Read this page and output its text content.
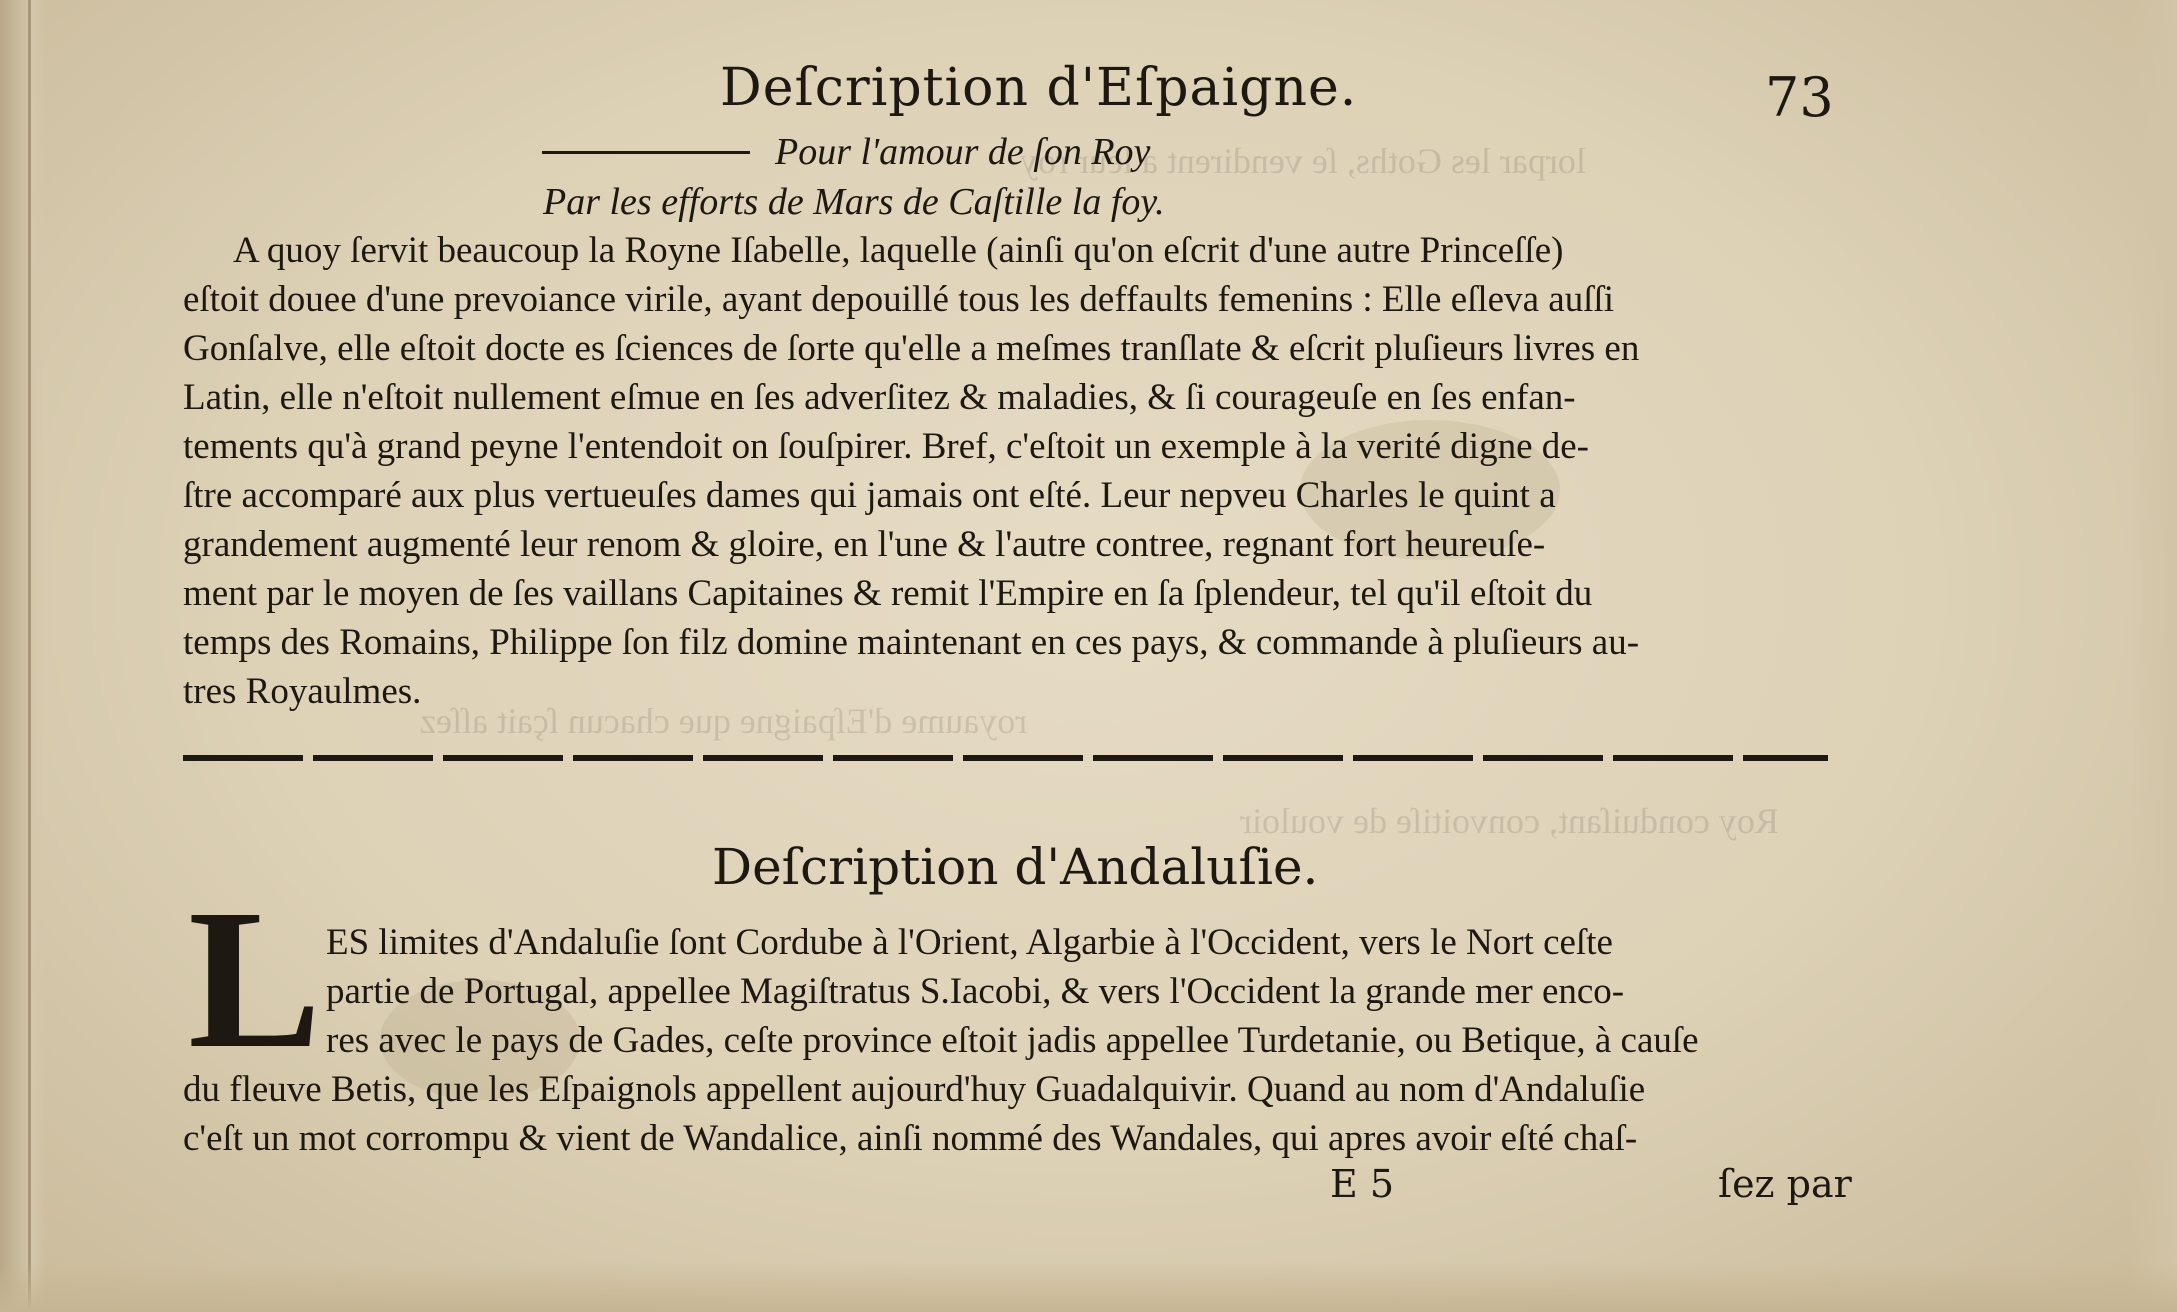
lorpar les Goths, ſe vendirent a leur roy
Roy conduiſant, convoitiſe de vouloir
royaume d'Eſpaigne que chacun ſçait aſſez
Deſcription d'Eſpaigne.	73
Pour l'amour de ſon Roy
Par les efforts de Mars de Caſtille la foy.
A quoy ſervit beaucoup la Royne Iſabelle, laquelle (ainſi qu'on eſcrit d'une autre Princeſſe)
eſtoit douee d'une prevoiance virile, ayant depouillé tous les deffaults femenins : Elle eſleva auſſi
Gonſalve, elle eſtoit docte es ſciences de ſorte qu'elle a meſmes tranſlate & eſcrit pluſieurs livres en
Latin, elle n'eſtoit nullement eſmue en ſes adverſitez & maladies, & ſi courageuſe en ſes enfan-
tements qu'à grand peyne l'entendoit on ſouſpirer. Bref, c'eſtoit un exemple à la verité digne de-
ſtre accomparé aux plus vertueuſes dames qui jamais ont eſté. Leur nepveu Charles le quint a
grandement augmenté leur renom & gloire, en l'une & l'autre contree, regnant fort heureuſe-
ment par le moyen de ſes vaillans Capitaines & remit l'Empire en ſa ſplendeur, tel qu'il eſtoit du
temps des Romains, Philippe ſon filz domine maintenant en ces pays, & commande à pluſieurs au-
tres Royaulmes.
Deſcription d'Andaluſie.
L ES limites d'Andaluſie ſont Cordube à l'Orient, Algarbie à l'Occident, vers le Nort ceſte
partie de Portugal, appellee Magiſtratus S.Iacobi, & vers l'Occident la grande mer enco-
res avec le pays de Gades, ceſte province eſtoit jadis appellee Turdetanie, ou Betique, à cauſe
du fleuve Betis, que les Eſpaignols appellent aujourd'huy Guadalquivir. Quand au nom d'Andaluſie
c'eſt un mot corrompu & vient de Wandalice, ainſi nommé des Wandales, qui apres avoir eſté chaſ-
E 5	ſez par
